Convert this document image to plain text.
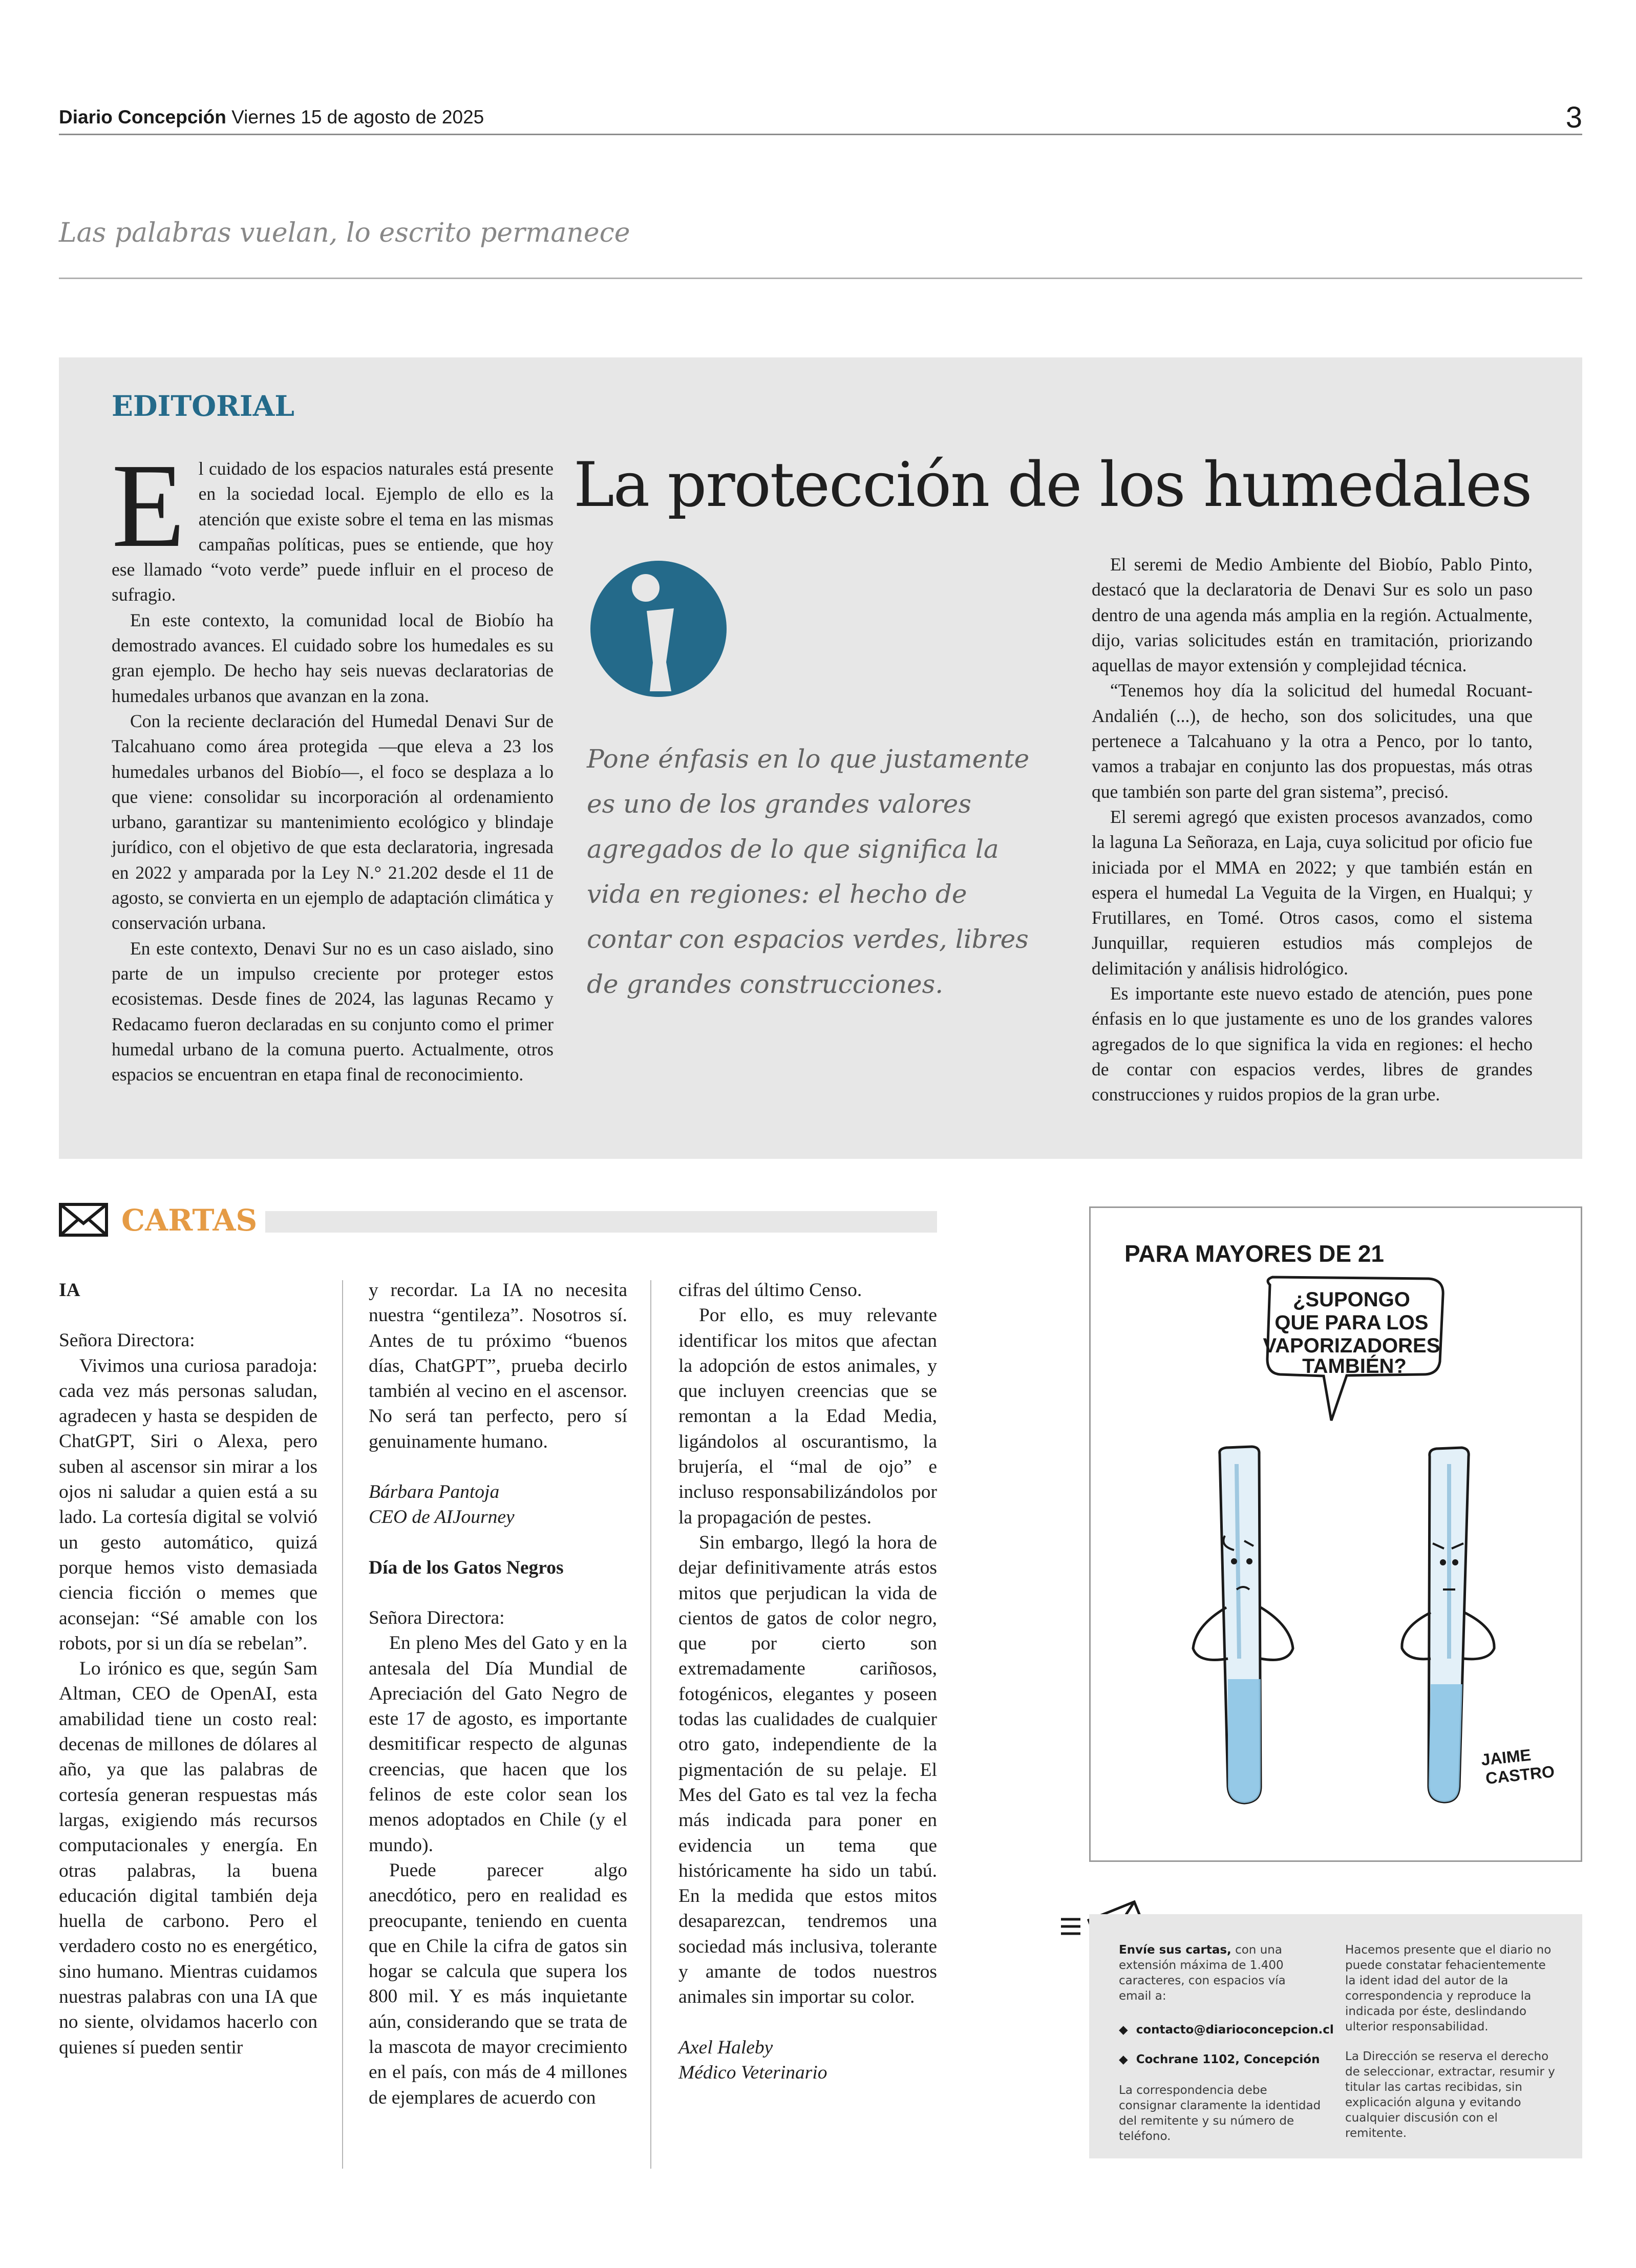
Diario Concepción Viernes 15 de agosto de 2025	3
Las palabras vuelan, lo escrito permanece
EDITORIAL

El cuidado de los espacios naturales está presente en la sociedad local. Ejemplo de ello es la atención que existe sobre el tema en las mismas campañas políticas, pues se entiende, que hoy ese llamado “voto verde” puede influir en el proceso de sufragio.

En este contexto, la comunidad local de Biobío ha demostrado avances. El cuidado sobre los humedales es su gran ejemplo. De hecho hay seis nuevas declaratorias de humedales urbanos que avanzan en la zona.

Con la reciente declaración del Humedal Denavi Sur de Talcahuano como área protegida —que eleva a 23 los humedales urbanos del Biobío—, el foco se desplaza a lo que viene: consolidar su incorporación al ordenamiento urbano, garantizar su mantenimiento ecológico y blindaje jurídico, con el objetivo de que esta declaratoria, ingresada en 2022 y amparada por la Ley N.° 21.202 desde el 11 de agosto, se convierta en un ejemplo de adaptación climática y conservación urbana.

En este contexto, Denavi Sur no es un caso aislado, sino parte de un impulso creciente por proteger estos ecosistemas. Desde fines de 2024, las lagunas Recamo y Redacamo fueron declaradas en su conjunto como el primer humedal urbano de la comuna puerto. Actualmente, otros espacios se encuentran en etapa final de reconocimiento.

La protección de los humedales
Pone énfasis en lo que justamente es uno de los grandes valores agregados de lo que significa la vida en regiones: el hecho de contar con espacios verdes, libres de grandes construcciones.

El seremi de Medio Ambiente del Biobío, Pablo Pinto, destacó que la declaratoria de Denavi Sur es solo un paso dentro de una agenda más amplia en la región. Actualmente, dijo, varias solicitudes están en tramitación, priorizando aquellas de mayor extensión y complejidad técnica.

“Tenemos hoy día la solicitud del humedal Rocuant-Andalién (...), de hecho, son dos solicitudes, una que pertenece a Talcahuano y la otra a Penco, por lo tanto, vamos a trabajar en conjunto las dos propuestas, más otras que también son parte del gran sistema”, precisó.

El seremi agregó que existen procesos avanzados, como la laguna La Señoraza, en Laja, cuya solicitud por oficio fue iniciada por el MMA en 2022; y que también están en espera el humedal La Veguita de la Virgen, en Hualqui; y Frutillares, en Tomé. Otros casos, como el sistema Junquillar, requieren estudios más complejos de delimitación y análisis hidrológico.

Es importante este nuevo estado de atención, pues pone énfasis en lo que justamente es uno de los grandes valores agregados de lo que significa la vida en regiones: el hecho de contar con espacios verdes, libres de grandes construcciones y ruidos propios de la gran urbe.

CARTAS

IA

Señora Directora:

Vivimos una curiosa paradoja: cada vez más personas saludan, agradecen y hasta se despiden de ChatGPT, Siri o Alexa, pero suben al ascensor sin mirar a los ojos ni saludar a quien está a su lado. La cortesía digital se volvió un gesto automático, quizá porque hemos visto demasiada ciencia ficción o memes que aconsejan: “Sé amable con los robots, por si un día se rebelan”.

Lo irónico es que, según Sam Altman, CEO de OpenAI, esta amabilidad tiene un costo real: decenas de millones de dólares al año, ya que las palabras de cortesía generan respuestas más largas, exigiendo más recursos computacionales y energía. En otras palabras, la buena educación digital también deja huella de carbono. Pero el verdadero costo no es energético, sino humano. Mientras cuidamos nuestras palabras con una IA que no siente, olvidamos hacerlo con quienes sí pueden sentir

y recordar. La IA no necesita nuestra “gentileza”. Nosotros sí. Antes de tu próximo “buenos días, ChatGPT”, prueba decirlo también al vecino en el ascensor. No será tan perfecto, pero sí genuinamente humano.

Bárbara Pantoja

CEO de AIJourney

Día de los Gatos Negros

Señora Directora:

En pleno Mes del Gato y en la antesala del Día Mundial de Apreciación del Gato Negro de este 17 de agosto, es importante desmitificar respecto de algunas creencias, que hacen que los felinos de este color sean los menos adoptados en Chile (y el mundo).

Puede parecer algo anecdótico, pero en realidad es preocupante, teniendo en cuenta que en Chile la cifra de gatos sin hogar se calcula que supera los 800 mil. Y es más inquietante aún, considerando que se trata de la mascota de mayor crecimiento en el país, con más de 4 millones de ejemplares de acuerdo con

cifras del último Censo.

Por ello, es muy relevante identificar los mitos que afectan la adopción de estos animales, y que incluyen creencias que se remontan a la Edad Media, ligándolos al oscurantismo, la brujería, el “mal de ojo” e incluso responsabilizándolos por la propagación de pestes.

Sin embargo, llegó la hora de dejar definitivamente atrás estos mitos que perjudican la vida de cientos de gatos de color negro, que por cierto son extremadamente cariñosos, fotogénicos, elegantes y poseen todas las cualidades de cualquier otro gato, independiente de la pigmentación de su pelaje. El Mes del Gato es tal vez la fecha más indicada para poner en evidencia un tema que históricamente ha sido un tabú. En la medida que estos mitos desaparezcan, tendremos una sociedad más inclusiva, tolerante y amante de todos nuestros animales sin importar su color.

Axel Haleby

Médico Veterinario

PARA MAYORES DE 21
¿SUPONGO QUE PARA LOS VAPORIZADORES TAMBIÉN?
JAIME CASTRO

Envíe sus cartas, con una extensión máxima de 1.400 caracteres, con espacios vía email a:

◆  contacto@diarioconcepcion.cl

◆  Cochrane 1102, Concepción

La correspondencia debe consignar claramente la identidad del remitente y su número de teléfono.

Hacemos presente que el diario no puede constatar fehacientemente la ident idad del autor de la correspondencia y reproduce la indicada por éste, deslindando ulterior responsabilidad.

La Dirección se reserva el derecho de seleccionar, extractar, resumir y titular las cartas recibidas, sin explicación alguna y evitando cualquier discusión con el remitente.
